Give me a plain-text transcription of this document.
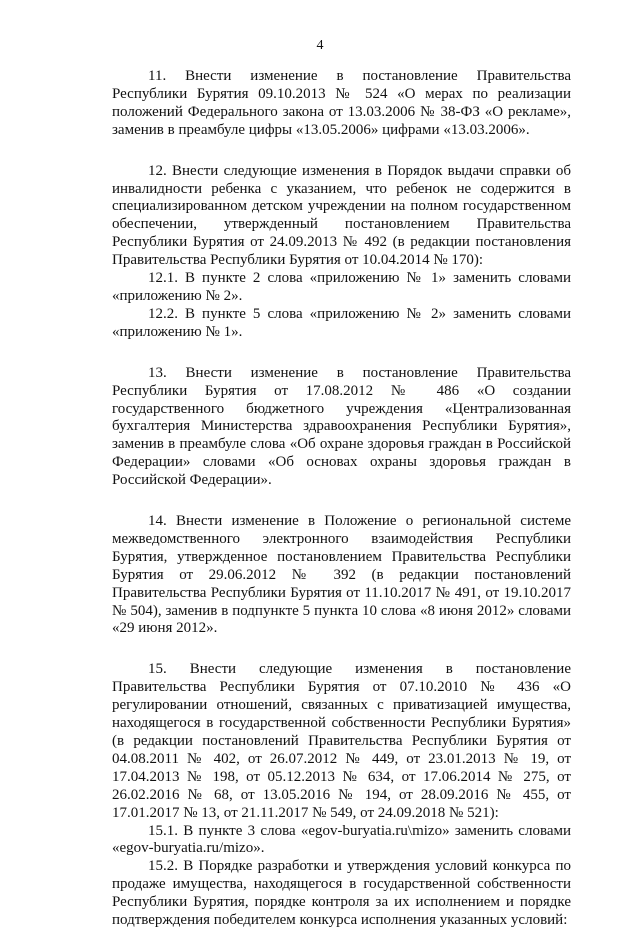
4

11. Внести изменение в постановление Правительства Республики Бурятия 09.10.2013 № 524 «О мерах по реализации положений Федерального закона от 13.03.2006 № 38-ФЗ «О рекламе», заменив в преамбуле цифры «13.05.2006» цифрами «13.03.2006».

12. Внести следующие изменения в Порядок выдачи справки об инвалидности ребенка с указанием, что ребенок не содержится в специализированном детском учреждении на полном государственном обеспечении, утвержденный постановлением Правительства Республики Бурятия от 24.09.2013 № 492 (в редакции постановления Правительства Республики Бурятия от 10.04.2014 № 170):

12.1. В пункте 2 слова «приложению № 1» заменить словами «приложению № 2».

12.2. В пункте 5 слова «приложению № 2» заменить словами «приложению № 1».

13. Внести изменение в постановление Правительства Республики Бурятия от 17.08.2012 № 486 «О создании государственного бюджетного учреждения «Централизованная бухгалтерия Министерства здравоохранения Республики Бурятия», заменив в преамбуле слова «Об охране здоровья граждан в Российской Федерации» словами «Об основах охраны здоровья граждан в Российской Федерации».

14. Внести изменение в Положение о региональной системе межведомственного электронного взаимодействия Республики Бурятия, утвержденное постановлением Правительства Республики Бурятия от 29.06.2012 № 392 (в редакции постановлений Правительства Республики Бурятия от 11.10.2017 № 491, от 19.10.2017 № 504), заменив в подпункте 5 пункта 10 слова «8 июня 2012» словами «29 июня 2012».

15. Внести следующие изменения в постановление Правительства Республики Бурятия от 07.10.2010 № 436 «О регулировании отношений, связанных с приватизацией имущества, находящегося в государственной собственности Республики Бурятия» (в редакции постановлений Правительства Республики Бурятия от 04.08.2011 № 402, от 26.07.2012 № 449, от 23.01.2013 № 19, от 17.04.2013 № 198, от 05.12.2013 № 634, от 17.06.2014 № 275, от 26.02.2016 № 68, от 13.05.2016 № 194, от 28.09.2016 № 455, от 17.01.2017 № 13, от 21.11.2017 № 549, от 24.09.2018 № 521):

15.1. В пункте 3 слова «egov-buryatia.ru\mizo» заменить словами «egov-buryatia.ru/mizo».

15.2. В Порядке разработки и утверждения условий конкурса по продаже имущества, находящегося в государственной собственности Республики Бурятия, порядке контроля за их исполнением и порядке подтверждения победителем конкурса исполнения указанных условий:
